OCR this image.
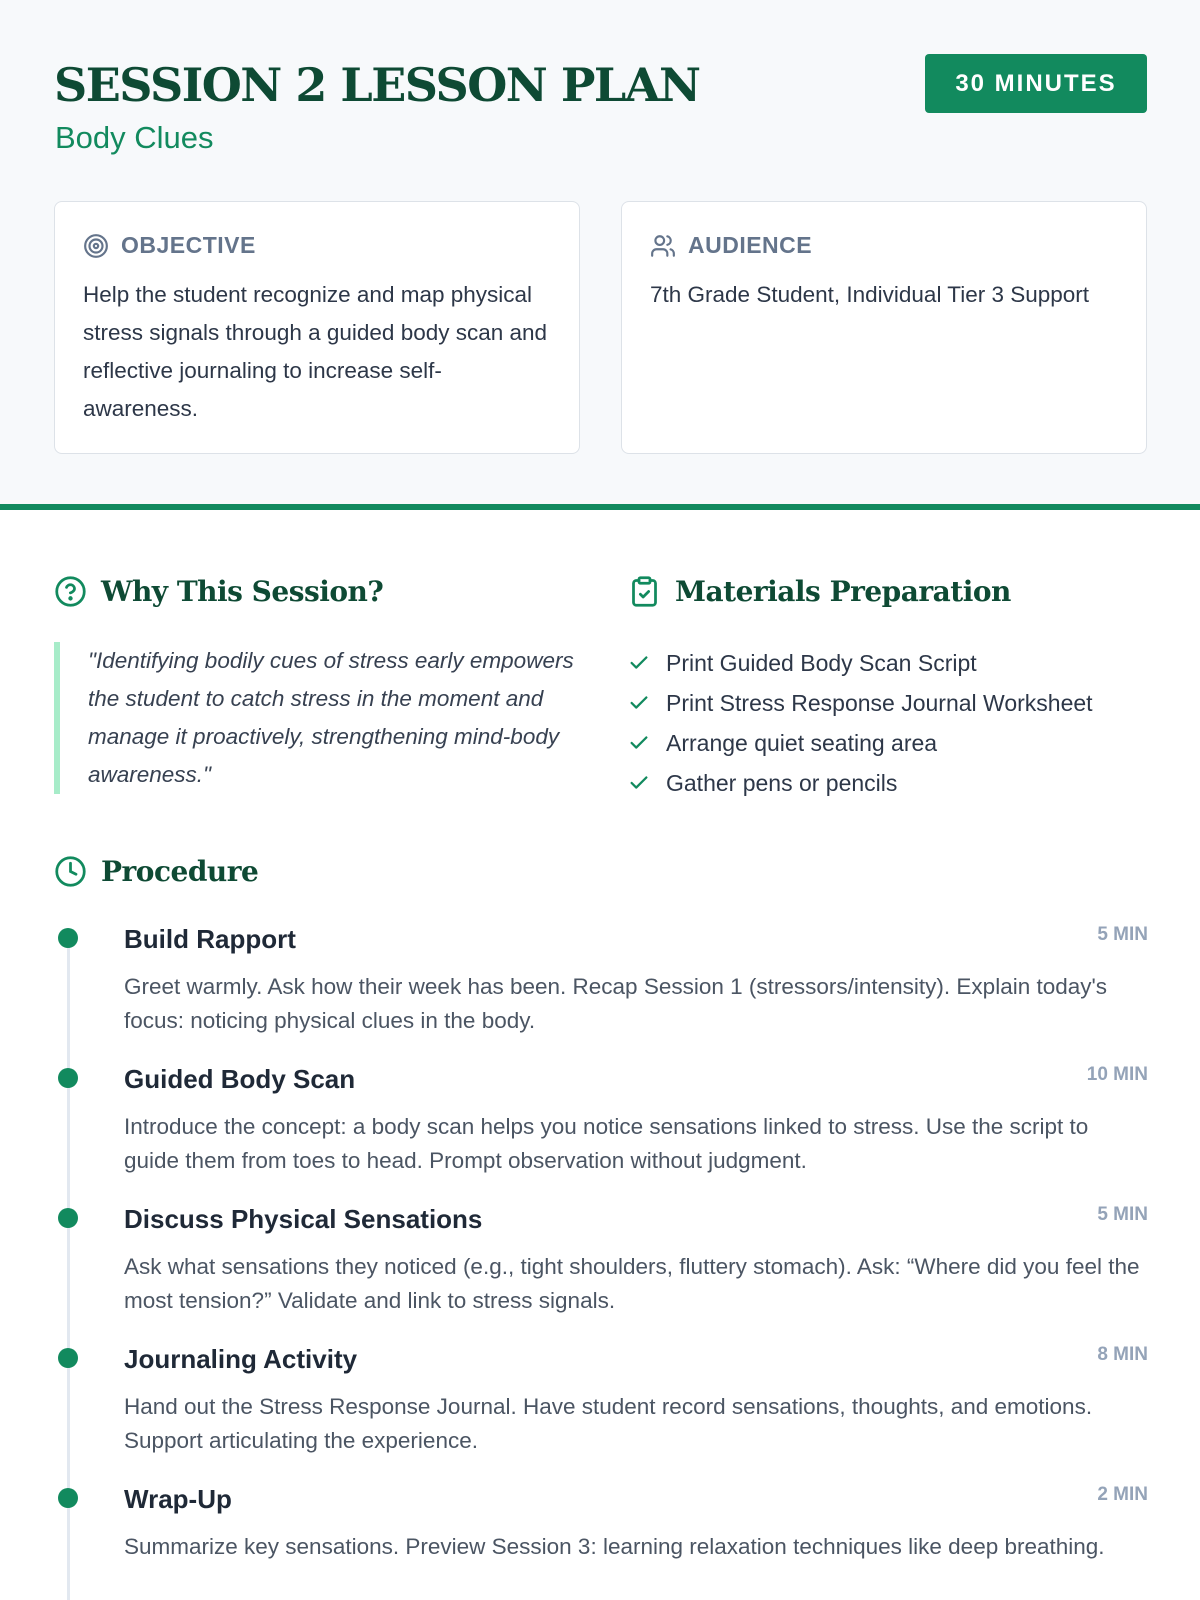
SESSION 2 LESSON PLAN
Body Clues
30 MINUTES
OBJECTIVE

Help the student recognize and map physical stress signals through a guided body scan and reflective journaling to increase self-awareness.

AUDIENCE

7th Grade Student, Individual Tier 3 Support

Why This Session?
"Identifying bodily cues of stress early empowers the student to catch stress in the moment and manage it proactively, strengthening mind-body awareness."
Materials Preparation
Print Guided Body Scan Script
Print Stress Response Journal Worksheet
Arrange quiet seating area
Gather pens or pencils
Procedure
Build Rapport	5 MIN

Greet warmly. Ask how their week has been. Recap Session 1 (stressors/intensity). Explain today's focus: noticing physical clues in the body.

Guided Body Scan	10 MIN

Introduce the concept: a body scan helps you notice sensations linked to stress. Use the script to guide them from toes to head. Prompt observation without judgment.

Discuss Physical Sensations	5 MIN

Ask what sensations they noticed (e.g., tight shoulders, fluttery stomach). Ask: “Where did you feel the most tension?” Validate and link to stress signals.

Journaling Activity	8 MIN

Hand out the Stress Response Journal. Have student record sensations, thoughts, and emotions. Support articulating the experience.

Wrap-Up	2 MIN

Summarize key sensations. Preview Session 3: learning relaxation techniques like deep breathing.
